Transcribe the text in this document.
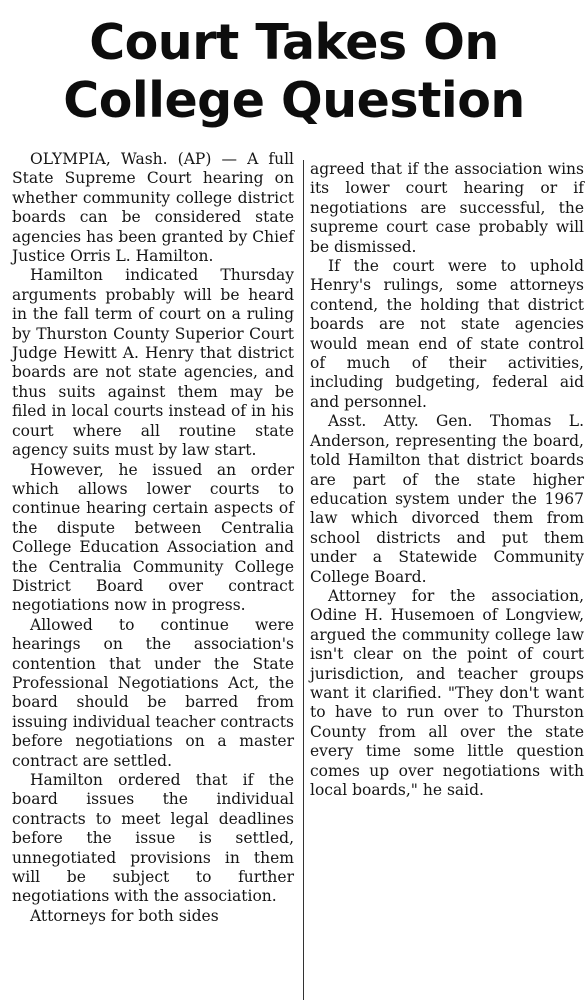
Court Takes On
College Question

OLYMPIA, Wash. (AP) — A full State Supreme Court hearing on whether community college district boards can be considered state agencies has been granted by Chief Justice Orris L. Hamilton.

Hamilton indicated Thursday arguments probably will be heard in the fall term of court on a ruling by Thurston County Superior Court Judge Hewitt A. Henry that district boards are not state agencies, and thus suits against them may be filed in local courts instead of in his court where all routine state agency suits must by law start.

However, he issued an order which allows lower courts to continue hearing certain aspects of the dispute between Centralia College Education Association and the Centralia Community College District Board over contract negotiations now in progress.

Allowed to continue were hearings on the association's contention that under the State Professional Negotiations Act, the board should be barred from issuing individual teacher contracts before negotiations on a master contract are settled.

Hamilton ordered that if the board issues the individual contracts to meet legal deadlines before the issue is settled, unnegotiated provisions in them will be subject to further negotiations with the association.

Attorneys for both sides

agreed that if the association wins its lower court hearing or if negotiations are successful, the supreme court case probably will be dismissed.

If the court were to uphold Henry's rulings, some attorneys contend, the holding that district boards are not state agencies would mean end of state control of much of their activities, including budgeting, federal aid and personnel.

Asst. Atty. Gen. Thomas L. Anderson, representing the board, told Hamilton that district boards are part of the state higher education system under the 1967 law which divorced them from school districts and put them under a Statewide Community College Board.

Attorney for the association, Odine H. Husemoen of Longview, argued the community college law isn't clear on the point of court jurisdiction, and teacher groups want it clarified. "They don't want to have to run over to Thurston County from all over the state every time some little question comes up over negotiations with local boards," he said.
